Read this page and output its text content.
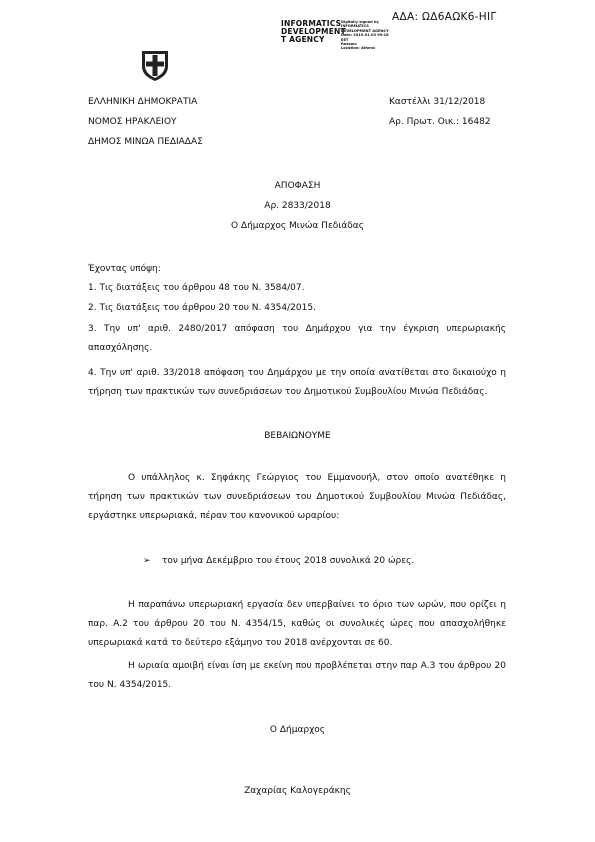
ΑΔΑ: ΩΔ6ΑΩΚ6-ΗΙΓ
INFORMATICS
DEVELOPMENT
T AGENCY
Digitally signed by
INFORMATICS
DEVELOPMENT AGENCY
Date: 2019.01.03 09:18
EET
Reason:
Location: Athens
ΕΛΛΗΝΙΚΗ ΔΗΜΟΚΡΑΤΙΑ
ΝΟΜΟΣ ΗΡΑΚΛΕΙΟΥ
ΔΗΜΟΣ ΜΙΝΩΑ ΠΕΔΙΑΔΑΣ
Καστέλλι 31/12/2018
Αρ. Πρωτ. Οικ.: 16482
ΑΠΟΦΑΣΗ
Αρ. 2833/2018
Ο Δήμαρχος Μινώα Πεδιάδας
Έχοντας υπόψη:
1. Τις διατάξεις του άρθρου 48 του Ν. 3584/07.
2. Τις διατάξεις του άρθρου 20 του Ν. 4354/2015.
3. Την υπ' αριθ. 2480/2017 απόφαση του Δημάρχου για την έγκριση υπερωριακής απασχόλησης.
4. Την υπ' αριθ. 33/2018 απόφαση του Δημάρχου με την οποία ανατίθεται στο δικαιούχο η τήρηση των πρακτικών των συνεδριάσεων του Δημοτικού Συμβουλίου Μινώα Πεδιάδας.
ΒΕΒΑΙΩΝΟΥΜΕ
Ο υπάλληλος κ. Σηφάκης Γεώργιος του Εμμανουήλ, στον οποίο ανατέθηκε η τήρηση των πρακτικών των συνεδριάσεων του Δημοτικού Συμβουλίου Μινώα Πεδιάδας, εργάστηκε υπερωριακά, πέραν του κανονικού ωραρίου:
➢ τον μήνα Δεκέμβριο του έτους 2018 συνολικά 20 ώρες.
Η παραπάνω υπερωριακή εργασία δεν υπερβαίνει το όριο των ωρών, που ορίζει η παρ. Α.2 του άρθρου 20 του Ν. 4354/15, καθώς οι συνολικές ώρες που απασχολήθηκε υπερωριακά κατά το δεύτερο εξάμηνο του 2018 ανέρχονται σε 60.
Η ωριαία αμοιβή είναι ίση με εκείνη που προβλέπεται στην παρ Α.3 του άρθρου 20 του Ν. 4354/2015.
Ο Δήμαρχος
Ζαχαρίας Καλογεράκης
